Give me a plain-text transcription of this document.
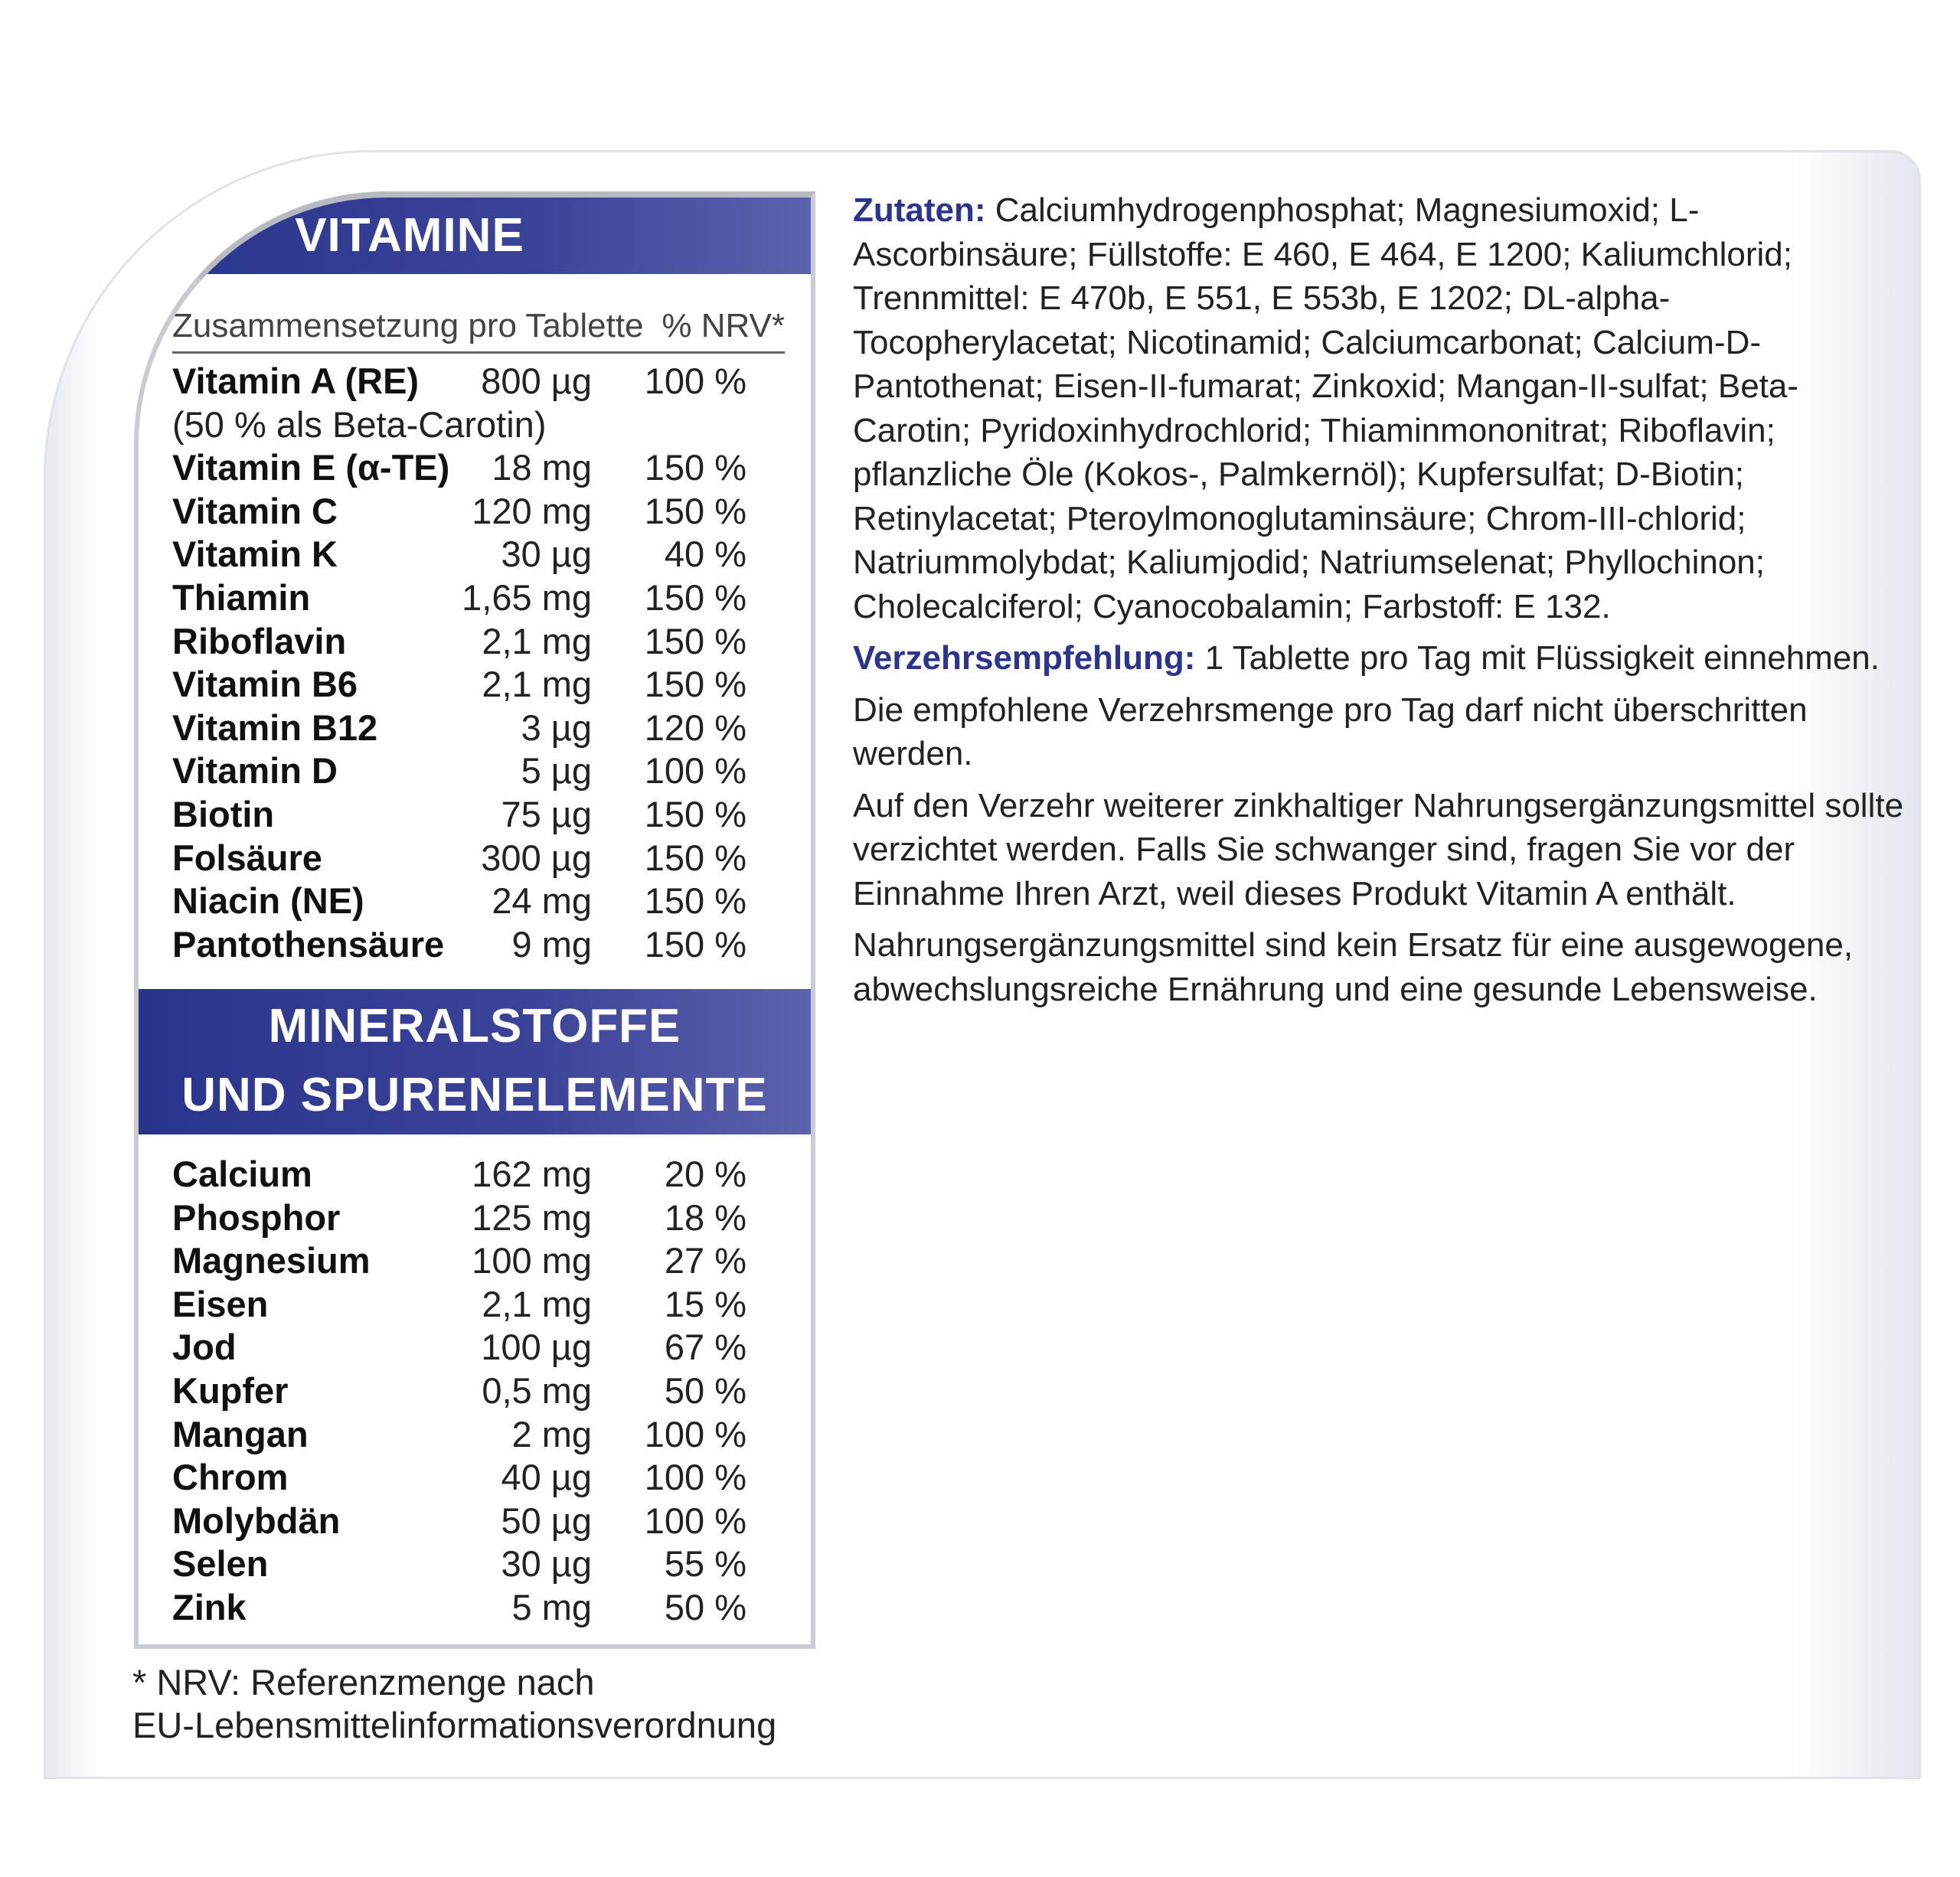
VITAMINE
Zusammensetzung pro Tablette % NRV*
Vitamin A (RE) 800 µg 100 %
(50 % als Beta-Carotin)
Vitamin E (α-TE) 18 mg 150 %
Vitamin C	120 mg 150 %
Vitamin K	30 µg 40 %
Thiamin	1,65 mg 150 %
Riboflavin	2,1 mg 150 %
Vitamin B6	2,1 mg 150 %
Vitamin B12	3 µg 120 %
Vitamin D	5 µg 100 %
Biotin	75 µg 150 %
Folsäure	300 µg 150 %
Niacin (NE)	24 mg 150 %
Pantothensäure 9 mg 150 %
MINERALSTOFFE
UND SPURENELEMENTE
Calcium	162 mg 20 %
Phosphor	125 mg 18 %
Magnesium	100 mg 27 %
Eisen	2,1 mg 15 %
Jod	100 µg 67 %
Kupfer	0,5 mg 50 %
Mangan	2 mg 100 %
Chrom	40 µg 100 %
Molybdän	50 µg 100 %
Selen	30 µg 55 %
Zink	5 mg 50 %
* NRV: Referenzmenge nach
EU-Lebensmittelinformationsverordnung

Zutaten: Calciumhydrogenphosphat; Magnesiumoxid; L-Ascorbinsäure; Füllstoffe: E 460, E 464, E 1200; Kaliumchlorid; Trennmittel: E 470b, E 551, E 553b, E 1202; DL-alpha-Tocopherylacetat; Nicotinamid; Calciumcarbonat; Calcium-D-Pantothenat; Eisen-II-fumarat; Zinkoxid; Mangan-II-sulfat; Beta-Carotin; Pyridoxinhydrochlorid; Thiaminmononitrat; Riboflavin; pflanzliche Öle (Kokos-, Palmkernöl); Kupfersulfat; D-Biotin; Retinylacetat; Pteroylmonoglutaminsäure; Chrom-III-chlorid; Natriummolybdat; Kaliumjodid; Natriumselenat; Phyllochinon; Cholecalciferol; Cyanocobalamin; Farbstoff: E 132.

Verzehrsempfehlung: 1 Tablette pro Tag mit Flüssigkeit einnehmen.

Die empfohlene Verzehrsmenge pro Tag darf nicht überschritten werden.

Auf den Verzehr weiterer zinkhaltiger Nahrungsergänzungsmittel sollte verzichtet werden. Falls Sie schwanger sind, fragen Sie vor der Einnahme Ihren Arzt, weil dieses Produkt Vitamin A enthält.

Nahrungsergänzungsmittel sind kein Ersatz für eine ausgewogene, abwechslungsreiche Ernährung und eine gesunde Lebensweise.
